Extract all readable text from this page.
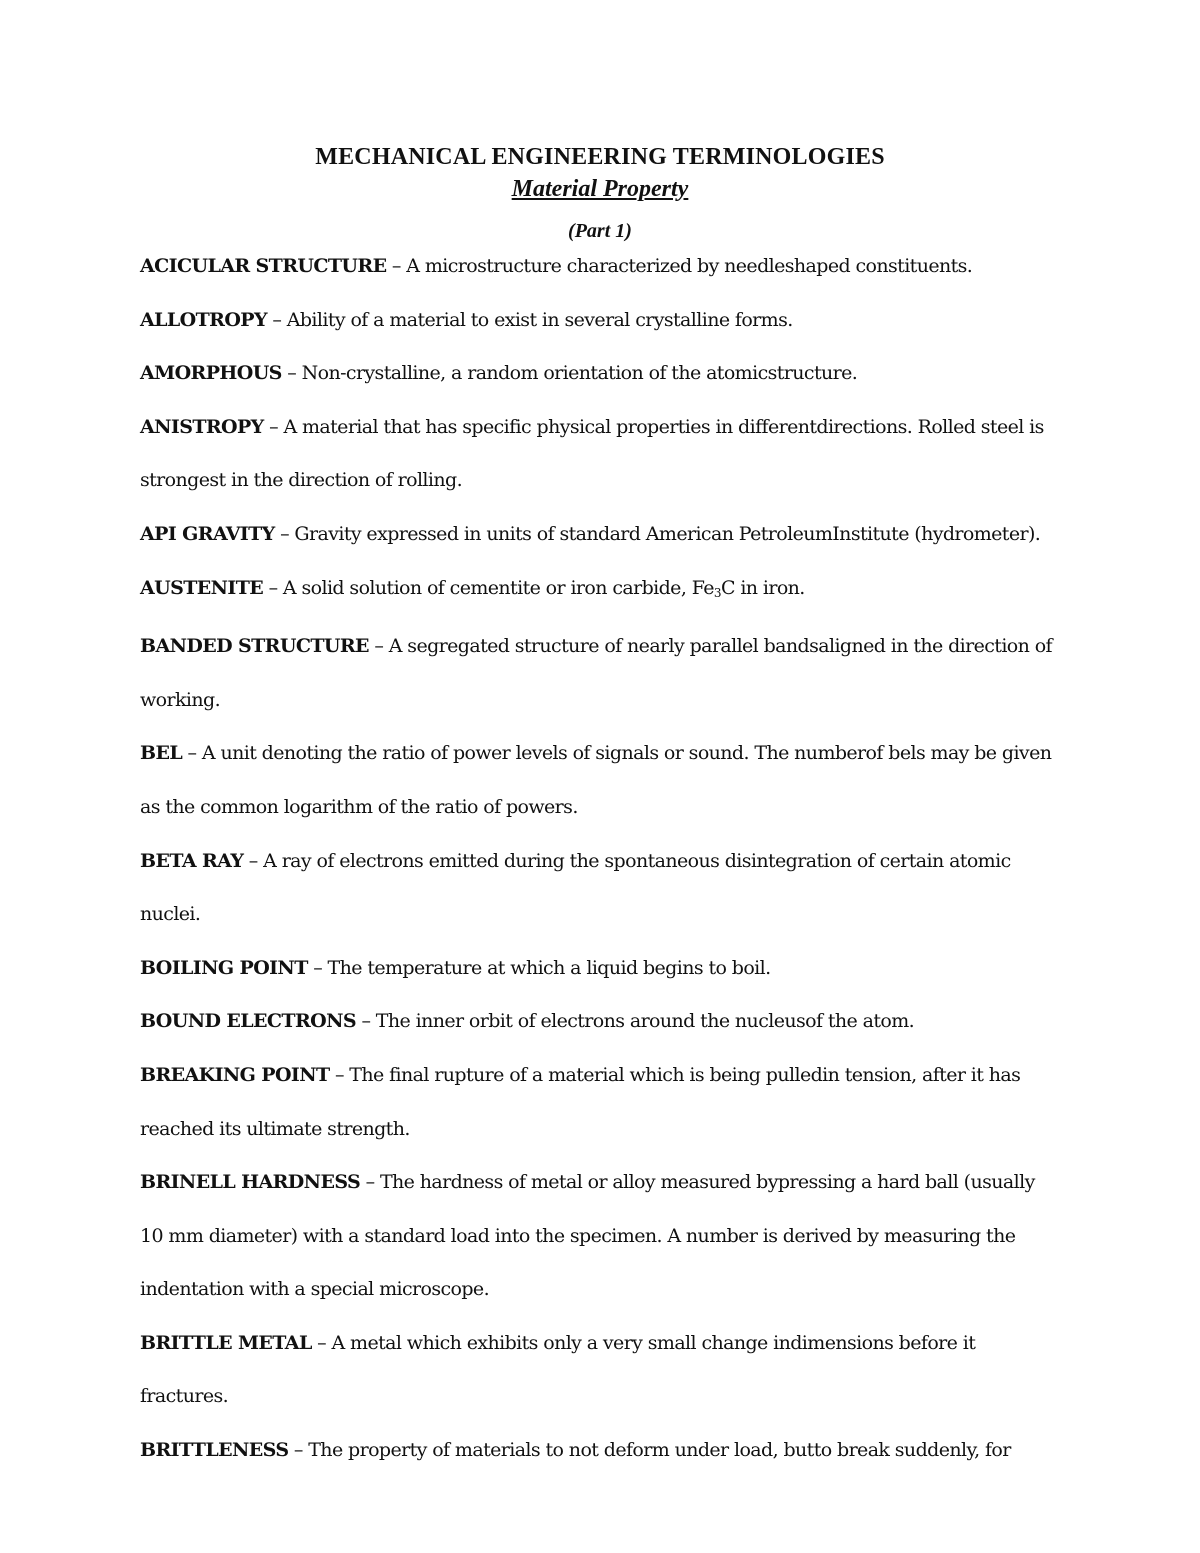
MECHANICAL ENGINEERING TERMINOLOGIES
Material Property
(Part 1)

ACICULAR STRUCTURE – A microstructure characterized by needleshaped constituents.

ALLOTROPY – Ability of a material to exist in several crystalline forms.

AMORPHOUS – Non-crystalline, a random orientation of the atomicstructure.

ANISTROPY – A material that has specific physical properties in differentdirections. Rolled steel is strongest in the direction of rolling.

API GRAVITY – Gravity expressed in units of standard American PetroleumInstitute (hydrometer).

AUSTENITE – A solid solution of cementite or iron carbide, $Fe_3C$ in iron.

BANDED STRUCTURE – A segregated structure of nearly parallel bandsaligned in the direction of working.

BEL – A unit denoting the ratio of power levels of signals or sound. The numberof bels may be given as the common logarithm of the ratio of powers.

BETA RAY – A ray of electrons emitted during the spontaneous disintegration of certain atomic nuclei.

BOILING POINT – The temperature at which a liquid begins to boil.

BOUND ELECTRONS – The inner orbit of electrons around the nucleusof the atom.

BREAKING POINT – The final rupture of a material which is being pulledin tension, after it has reached its ultimate strength.

BRINELL HARDNESS – The hardness of metal or alloy measured bypressing a hard ball (usually 10 mm diameter) with a standard load into the specimen. A number is derived by measuring the indentation with a special microscope.

BRITTLE METAL – A metal which exhibits only a very small change indimensions before it fractures.

BRITTLENESS – The property of materials to not deform under load, butto break suddenly, for
